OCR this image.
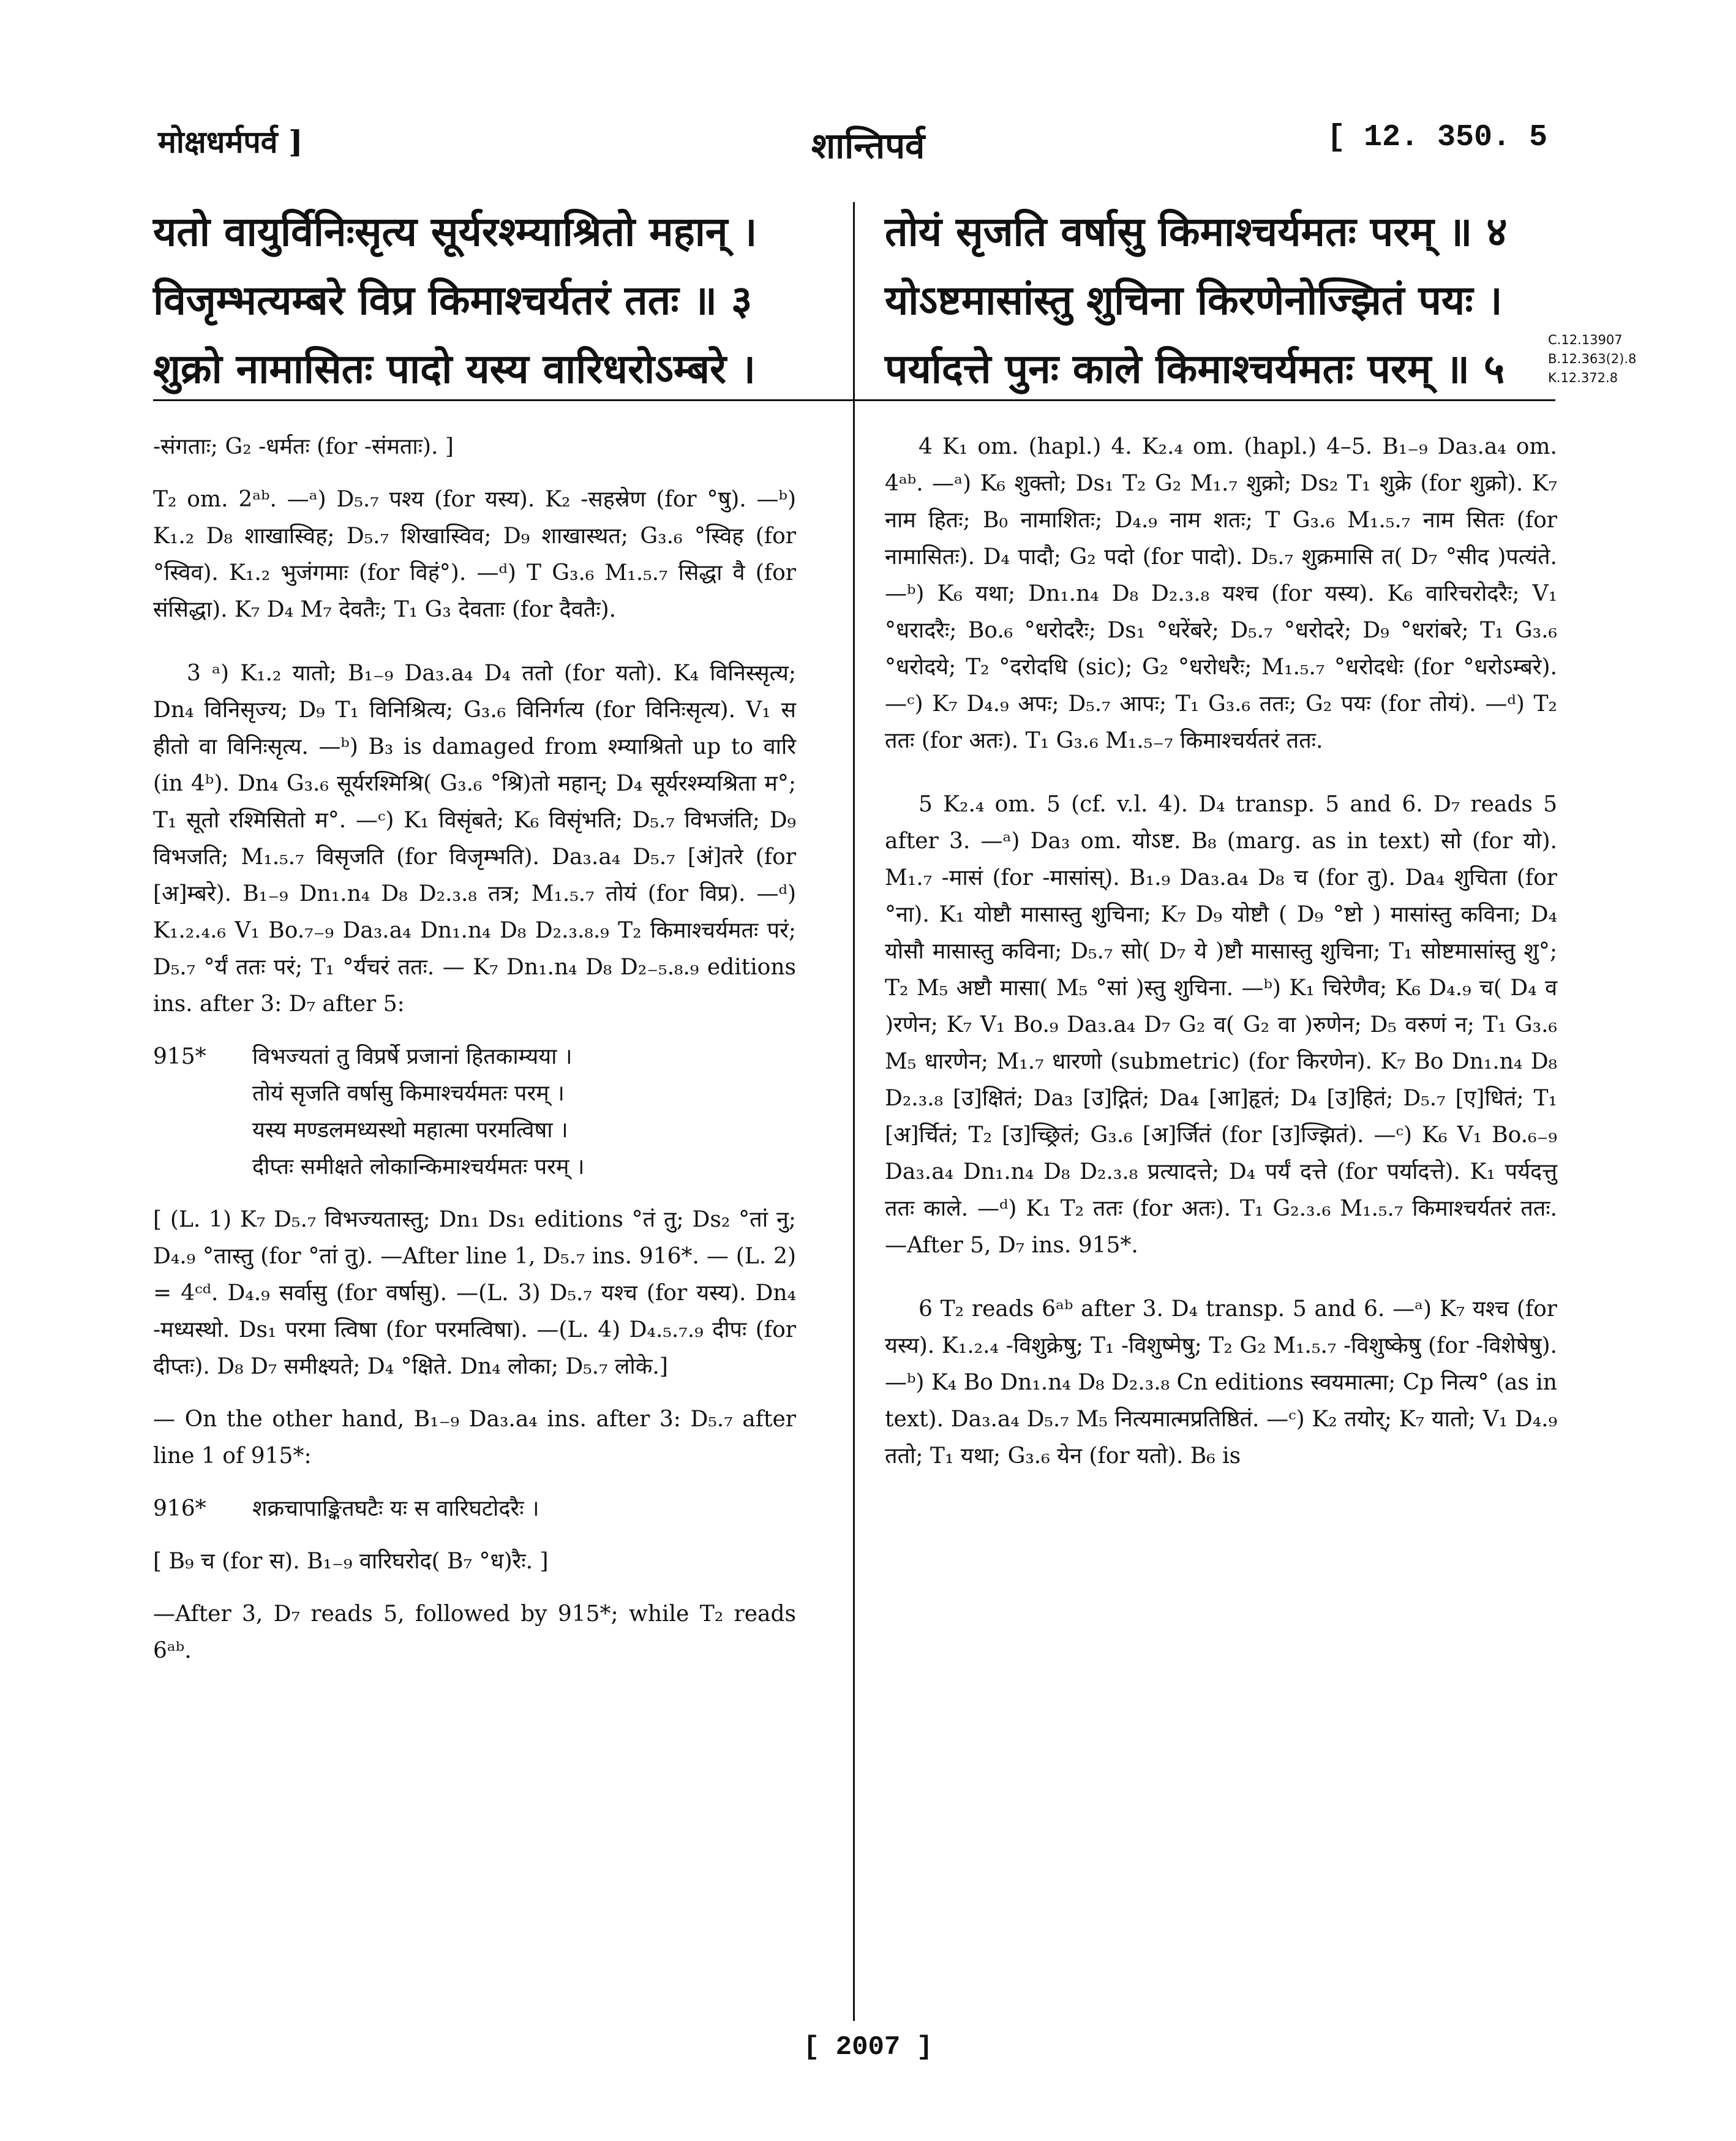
मोक्षधर्मपर्व ]	शान्तिपर्व	[ 12. 350. 5
यतो वायुर्विनिःसृत्य सूर्यरश्म्याश्रितो महान् ।
विजृम्भत्यम्बरे विप्र किमाश्चर्यतरं ततः ॥ ३
शुक्रो नामासितः पादो यस्य वारिधरोऽम्बरे ।
तोयं सृजति वर्षासु किमाश्चर्यमतः परम् ॥ ४
योऽष्टमासांस्तु शुचिना किरणेनोज्झितं पयः ।
पर्यादत्ते पुनः काले किमाश्चर्यमतः परम् ॥ ५
C.12.13907
B.12.363(2).8
K.12.372.8

-संगताः; G₂ -धर्मतः (for -संमताः). ]

T₂ om. 2ᵃᵇ. —ᵃ) D₅.₇ पश्य (for यस्य). K₂ -सहस्रेण (for °षु). —ᵇ) K₁.₂ D₈ शाखास्विह; D₅.₇ शिखास्विव; D₉ शाखास्थत; G₃.₆ °स्विह (for °स्विव). K₁.₂ भुजंगमाः (for विहं°). —ᵈ) T G₃.₆ M₁.₅.₇ सिद्धा वै (for संसिद्धा). K₇ D₄ M₇ देवतैः; T₁ G₃ देवताः (for दैवतैः).

3 ᵃ) K₁.₂ यातो; B₁₋₉ Da₃.a₄ D₄ ततो (for यतो). K₄ विनिस्सृत्य; Dn₄ विनिसृज्य; D₉ T₁ विनिश्रित्य; G₃.₆ विनिर्गत्य (for विनिःसृत्य). V₁ स हीतो वा विनिःसृत्य. —ᵇ) B₃ is damaged from श्म्याश्रितो up to वारि (in 4ᵇ). Dn₄ G₃.₆ सूर्यरश्मिश्रि( G₃.₆ °श्रि)तो महान्; D₄ सूर्यरश्म्यश्रिता म°; T₁ सूतो रश्मिसितो म°. —ᶜ) K₁ विसृंबते; K₆ विसृंभति; D₅.₇ विभजंति; D₉ विभजति; M₁.₅.₇ विसृजति (for विजृम्भति). Da₃.a₄ D₅.₇ [अं]तरे (for [अ]म्बरे). B₁₋₉ Dn₁.n₄ D₈ D₂.₃.₈ तत्र; M₁.₅.₇ तोयं (for विप्र). —ᵈ) K₁.₂.₄.₆ V₁ Bo.₇₋₉ Da₃.a₄ Dn₁.n₄ D₈ D₂.₃.₈.₉ T₂ किमाश्चर्यमतः परं; D₅.₇ °र्यं ततः परं; T₁ °र्यंचरं ततः. — K₇ Dn₁.n₄ D₈ D₂₋₅.₈.₉ editions ins. after 3: D₇ after 5:

915* विभज्यतां तु विप्रर्षे प्रजानां हितकाम्यया ।
तोयं सृजति वर्षासु किमाश्चर्यमतः परम् ।
यस्य मण्डलमध्यस्थो महात्मा परमत्विषा ।
दीप्तः समीक्षते लोकान्किमाश्चर्यमतः परम् ।

[ (L. 1) K₇ D₅.₇ विभज्यतास्तु; Dn₁ Ds₁ editions °तं तु; Ds₂ °तां नु; D₄.₉ °तास्तु (for °तां तु). —After line 1, D₅.₇ ins. 916*. — (L. 2) = 4ᶜᵈ. D₄.₉ सर्वासु (for वर्षासु). —(L. 3) D₅.₇ यश्च (for यस्य). Dn₄ -मध्यस्थो. Ds₁ परमा त्विषा (for परमत्विषा). —(L. 4) D₄.₅.₇.₉ दीपः (for दीप्तः). D₈ D₇ समीक्ष्यते; D₄ °क्षिते. Dn₄ लोका; D₅.₇ लोके.]

— On the other hand, B₁₋₉ Da₃.a₄ ins. after 3: D₅.₇ after line 1 of 915*:

916* शक्रचापाङ्कितघटैः यः स वारिघटोदरैः ।

[ B₉ च (for स). B₁₋₉ वारिघरोद( B₇ °ध)रैः. ]

—After 3, D₇ reads 5, followed by 915*; while T₂ reads 6ᵃᵇ.

4 K₁ om. (hapl.) 4. K₂.₄ om. (hapl.) 4–5. B₁₋₉ Da₃.a₄ om. 4ᵃᵇ. —ᵃ) K₆ शुक्तो; Ds₁ T₂ G₂ M₁.₇ शुक्रो; Ds₂ T₁ शुक्रे (for शुक्रो). K₇ नाम हितः; B₀ नामाशितः; D₄.₉ नाम शतः; T G₃.₆ M₁.₅.₇ नाम सितः (for नामासितः). D₄ पादौ; G₂ पदो (for पादो). D₅.₇ शुक्रमासि त( D₇ °सीद )पत्यंते. —ᵇ) K₆ यथा; Dn₁.n₄ D₈ D₂.₃.₈ यश्च (for यस्य). K₆ वारिचरोदरैः; V₁ °धरादरैः; Bo.₆ °धरोदरैः; Ds₁ °धरेंबरे; D₅.₇ °धरोदरे; D₉ °धरांबरे; T₁ G₃.₆ °धरोदये; T₂ °दरोदधि (sic); G₂ °धरोधरैः; M₁.₅.₇ °धरोदधेः (for °धरोऽम्बरे). —ᶜ) K₇ D₄.₉ अपः; D₅.₇ आपः; T₁ G₃.₆ ततः; G₂ पयः (for तोयं). —ᵈ) T₂ ततः (for अतः). T₁ G₃.₆ M₁.₅₋₇ किमाश्चर्यतरं ततः.

5 K₂.₄ om. 5 (cf. v.l. 4). D₄ transp. 5 and 6. D₇ reads 5 after 3. —ᵃ) Da₃ om. योऽष्ट. B₈ (marg. as in text) सो (for यो). M₁.₇ -मासं (for -मासांस्). B₁.₉ Da₃.a₄ D₈ च (for तु). Da₄ शुचिता (for °ना). K₁ योष्टौ मासास्तु शुचिना; K₇ D₉ योष्टौ ( D₉ °ष्टो ) मासांस्तु कविना; D₄ योसौ मासास्तु कविना; D₅.₇ सो( D₇ ये )ष्टौ मासास्तु शुचिना; T₁ सोष्टमासांस्तु शु°; T₂ M₅ अष्टौ मासा( M₅ °सां )स्तु शुचिना. —ᵇ) K₁ चिरेणैव; K₆ D₄.₉ च( D₄ व )रणेन; K₇ V₁ Bo.₉ Da₃.a₄ D₇ G₂ व( G₂ वा )रुणेन; D₅ वरुणं न; T₁ G₃.₆ M₅ धारणेन; M₁.₇ धारणो (submetric) (for किरणेन). K₇ Bo Dn₁.n₄ D₈ D₂.₃.₈ [उ]क्षितं; Da₃ [उ]द्गितं; Da₄ [आ]हृतं; D₄ [उ]हितं; D₅.₇ [ए]धितं; T₁ [अ]र्चितं; T₂ [उ]च्छ्रितं; G₃.₆ [अ]र्जितं (for [उ]ज्झितं). —ᶜ) K₆ V₁ Bo.₆₋₉ Da₃.a₄ Dn₁.n₄ D₈ D₂.₃.₈ प्रत्यादत्ते; D₄ पर्यं दत्ते (for पर्यादत्ते). K₁ पर्यदत्तु ततः काले. —ᵈ) K₁ T₂ ततः (for अतः). T₁ G₂.₃.₆ M₁.₅.₇ किमाश्चर्यतरं ततः. —After 5, D₇ ins. 915*.

6 T₂ reads 6ᵃᵇ after 3. D₄ transp. 5 and 6. —ᵃ) K₇ यश्च (for यस्य). K₁.₂.₄ -विशुक्रेषु; T₁ -विशुष्मेषु; T₂ G₂ M₁.₅.₇ -विशुष्केषु (for -विशेषेषु). —ᵇ) K₄ Bo Dn₁.n₄ D₈ D₂.₃.₈ Cn editions स्वयमात्मा; Cp नित्य° (as in text). Da₃.a₄ D₅.₇ M₅ नित्यमात्मप्रतिष्ठितं. —ᶜ) K₂ तयोर्; K₇ यातो; V₁ D₄.₉ ततो; T₁ यथा; G₃.₆ येन (for यतो). B₆ is

[ 2007 ]
